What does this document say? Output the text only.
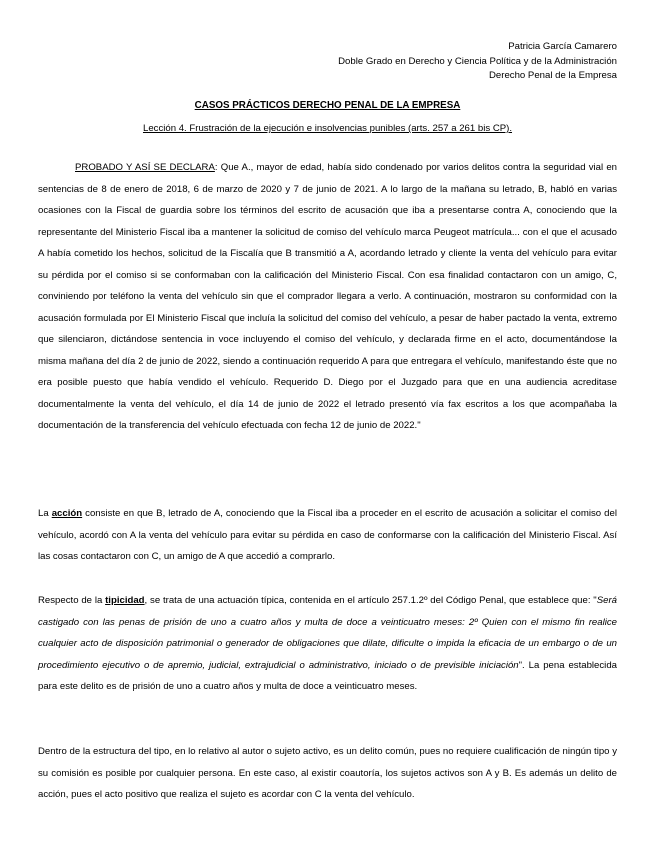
Patricia García Camarero
Doble Grado en Derecho y Ciencia Política y de la Administración
Derecho Penal de la Empresa
CASOS PRÁCTICOS DERECHO PENAL DE LA EMPRESA
Lección 4. Frustración de la ejecución e insolvencias punibles (arts. 257 a 261 bis CP).
PROBADO Y ASÍ SE DECLARA: Que A., mayor de edad, había sido condenado por varios delitos contra la seguridad vial en sentencias de 8 de enero de 2018, 6 de marzo de 2020 y 7 de junio de 2021. A lo largo de la mañana su letrado, B, habló en varias ocasiones con la Fiscal de guardia sobre los términos del escrito de acusación que iba a presentarse contra A, conociendo que la representante del Ministerio Fiscal iba a mantener la solicitud de comiso del vehículo marca Peugeot matrícula... con el que el acusado A había cometido los hechos, solicitud de la Fiscalía que B transmitió a A, acordando letrado y cliente la venta del vehículo para evitar su pérdida por el comiso si se conformaban con la calificación del Ministerio Fiscal. Con esa finalidad contactaron con un amigo, C, conviniendo por teléfono la venta del vehículo sin que el comprador llegara a verlo. A continuación, mostraron su conformidad con la acusación formulada por El Ministerio Fiscal que incluía la solicitud del comiso del vehículo, a pesar de haber pactado la venta, extremo que silenciaron, dictándose sentencia in voce incluyendo el comiso del vehículo, y declarada firme en el acto, documentándose la misma mañana del día 2 de junio de 2022, siendo a continuación requerido A para que entregara el vehículo, manifestando éste que no era posible puesto que había vendido el vehículo. Requerido D. Diego por el Juzgado para que en una audiencia acreditase documentalmente la venta del vehículo, el día 14 de junio de 2022 el letrado presentó vía fax escritos a los que acompañaba la documentación de la transferencia del vehículo efectuada con fecha 12 de junio de 2022."
La acción consiste en que B, letrado de A, conociendo que la Fiscal iba a proceder en el escrito de acusación a solicitar el comiso del vehículo, acordó con A la venta del vehículo para evitar su pérdida en caso de conformarse con la calificación del Ministerio Fiscal. Así las cosas contactaron con C, un amigo de A que accedió a comprarlo.
Respecto de la tipicidad, se trata de una actuación típica, contenida en el artículo 257.1.2º del Código Penal, que establece que: "Será castigado con las penas de prisión de uno a cuatro años y multa de doce a veinticuatro meses: 2º Quien con el mismo fin realice cualquier acto de disposición patrimonial o generador de obligaciones que dilate, dificulte o impida la eficacia de un embargo o de un procedimiento ejecutivo o de apremio, judicial, extrajudicial o administrativo, iniciado o de previsible iniciación". La pena establecida para este delito es de prisión de uno a cuatro años y multa de doce a veinticuatro meses.
Dentro de la estructura del tipo, en lo relativo al autor o sujeto activo, es un delito común, pues no requiere cualificación de ningún tipo y su comisión es posible por cualquier persona. En este caso, al existir coautoría, los sujetos activos son A y B. Es además un delito de acción, pues el acto positivo que realiza el sujeto es acordar con C la venta del vehículo.
